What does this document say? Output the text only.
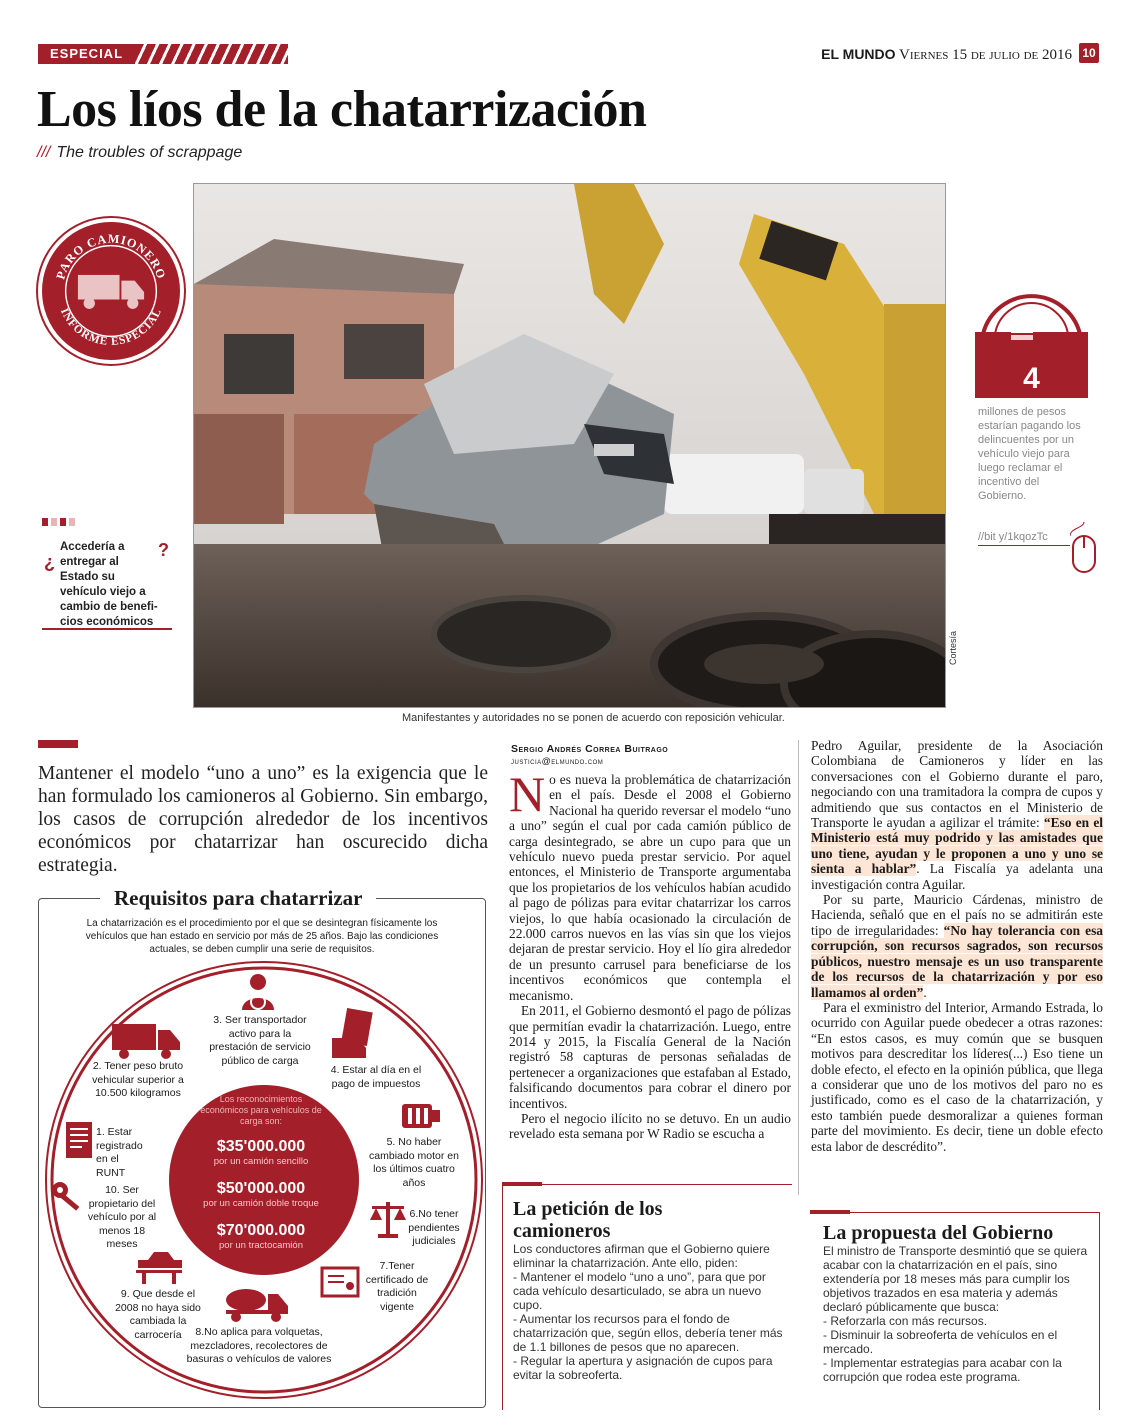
ESPECIAL	EL MUNDO Viernes 15 de julio de 2016 10
Los líos de la chatarrización
/// The troubles of scrappage
PARO CAMIONERO
INFORME ESPECIAL
Cortesía
Manifestantes y autoridades no se ponen de acuerdo con reposición vehicular.
¿
Accedería a entregar al Estado su vehículo viejo a cambio de benefi-cios económicos
?
4
millones de pesos estarían pagando los delincuentes por un vehículo viejo para luego reclamar el incentivo del Gobierno.
//bit y/1kqozTc
Mantener el modelo “uno a uno” es la exigencia que le han formulado los camioneros al Gobierno. Sin embargo, los casos de corrupción alrededor de los incentivos económicos por chatarrizar han oscurecido dicha estrategia.
Requisitos para chatarrizar
La chatarrización es el procedimiento por el que se desintegran físicamente los vehículos que han estado en servicio por más de 25 años. Bajo las condiciones actuales, se deben cumplir una serie de requisitos.
3. Ser transportador activo para la prestación de servicio público de carga
2. Tener peso bruto vehicular superior a 10.500 kilogramos
4. Estar al día en el pago de impuestos
1. Estar registrado en el RUNT
5. No haber cambiado motor en los últimos cuatro años
10. Ser propietario del vehículo por al menos 18 meses
6.No tener pendientes judiciales
7.Tener certificado de tradición vigente
9. Que desde el 2008 no haya sido cambiada la carrocería	8.No aplica para volquetas, mezcladores, recolectores de basuras o vehículos de valores
Los reconocimientos económicos para vehículos de carga son:
$35'000.000
por un camión sencillo
$50'000.000
por un camión doble troque
$70'000.000
por un tractocamión
Sergio Andrés Correa Buitrago
justicia@elmundo.com

No es nueva la problemática de chatarrización en el país. Desde el 2008 el Gobierno Nacional ha querido reversar el modelo “uno a uno” según el cual por cada camión público de carga desintegrado, se abre un cupo para que un vehículo nuevo pueda prestar servicio. Por aquel entonces, el Ministerio de Transporte argumentaba que los propietarios de los vehículos habían acudido al pago de pólizas para evitar chatarrizar los carros viejos, lo que había ocasionado la circulación de 22.000 carros nuevos en las vías sin que los viejos dejaran de prestar servicio. Hoy el lío gira alrededor de un presunto carrusel para beneficiarse de los incentivos económicos que contempla el mecanismo.

En 2011, el Gobierno desmontó el pago de pólizas que permitían evadir la chatarrización. Luego, entre 2014 y 2015, la Fiscalía General de la Nación registró 58 capturas de personas señaladas de pertenecer a organizaciones que estafaban al Estado, falsificando documentos para cobrar el dinero por incentivos.

Pero el negocio ilícito no se detuvo. En un audio revelado esta semana por W Radio se escucha a

Pedro Aguilar, presidente de la Asociación Colombiana de Camioneros y líder en las conversaciones con el Gobierno durante el paro, negociando con una tramitadora la compra de cupos y admitiendo que sus contactos en el Ministerio de Transporte le ayudan a agilizar el trámite: “Eso en el Ministerio está muy podrido y las amistades que uno tiene, ayudan y le proponen a uno y uno se sienta a hablar”. La Fiscalía ya adelanta una investigación contra Aguilar.

Por su parte, Mauricio Cárdenas, ministro de Hacienda, señaló que en el país no se admitirán este tipo de irregularidades: “No hay tolerancia con esa corrupción, son recursos sagrados, son recursos públicos, nuestro mensaje es un uso transparente de los recursos de la chatarrización y por eso llamamos al orden”.

Para el exministro del Interior, Armando Estrada, lo ocurrido con Aguilar puede obedecer a otras razones: “En estos casos, es muy común que se busquen motivos para descreditar los líderes(...) Eso tiene un doble efecto, el efecto en la opinión pública, que llega a considerar que uno de los motivos del paro no es justificado, como es el caso de la chatarrización, y esto también puede desmoralizar a quienes forman parte del movimiento. Es decir, tiene un doble efecto esta labor de descrédito”.

La petición de los camioneros
Los conductores afirman que el Gobierno quiere eliminar la chatarrización. Ante ello, piden:
- Mantener el modelo “uno a uno”, para que por cada vehículo desarticulado, se abra un nuevo cupo.
- Aumentar los recursos para el fondo de chatarrización que, según ellos, debería tener más de 1.1 billones de pesos que no aparecen.
- Regular la apertura y asignación de cupos para evitar la sobreoferta.
La propuesta del Gobierno
El ministro de Transporte desmintió que se quiera acabar con la chatarrización en el país, sino extendería por 18 meses más para cumplir los objetivos trazados en esa materia y además declaró públicamente que busca:
- Reforzarla con más recursos.
- Disminuir la sobreoferta de vehículos en el mercado.
- Implementar estrategias para acabar con la corrupción que rodea este programa.
